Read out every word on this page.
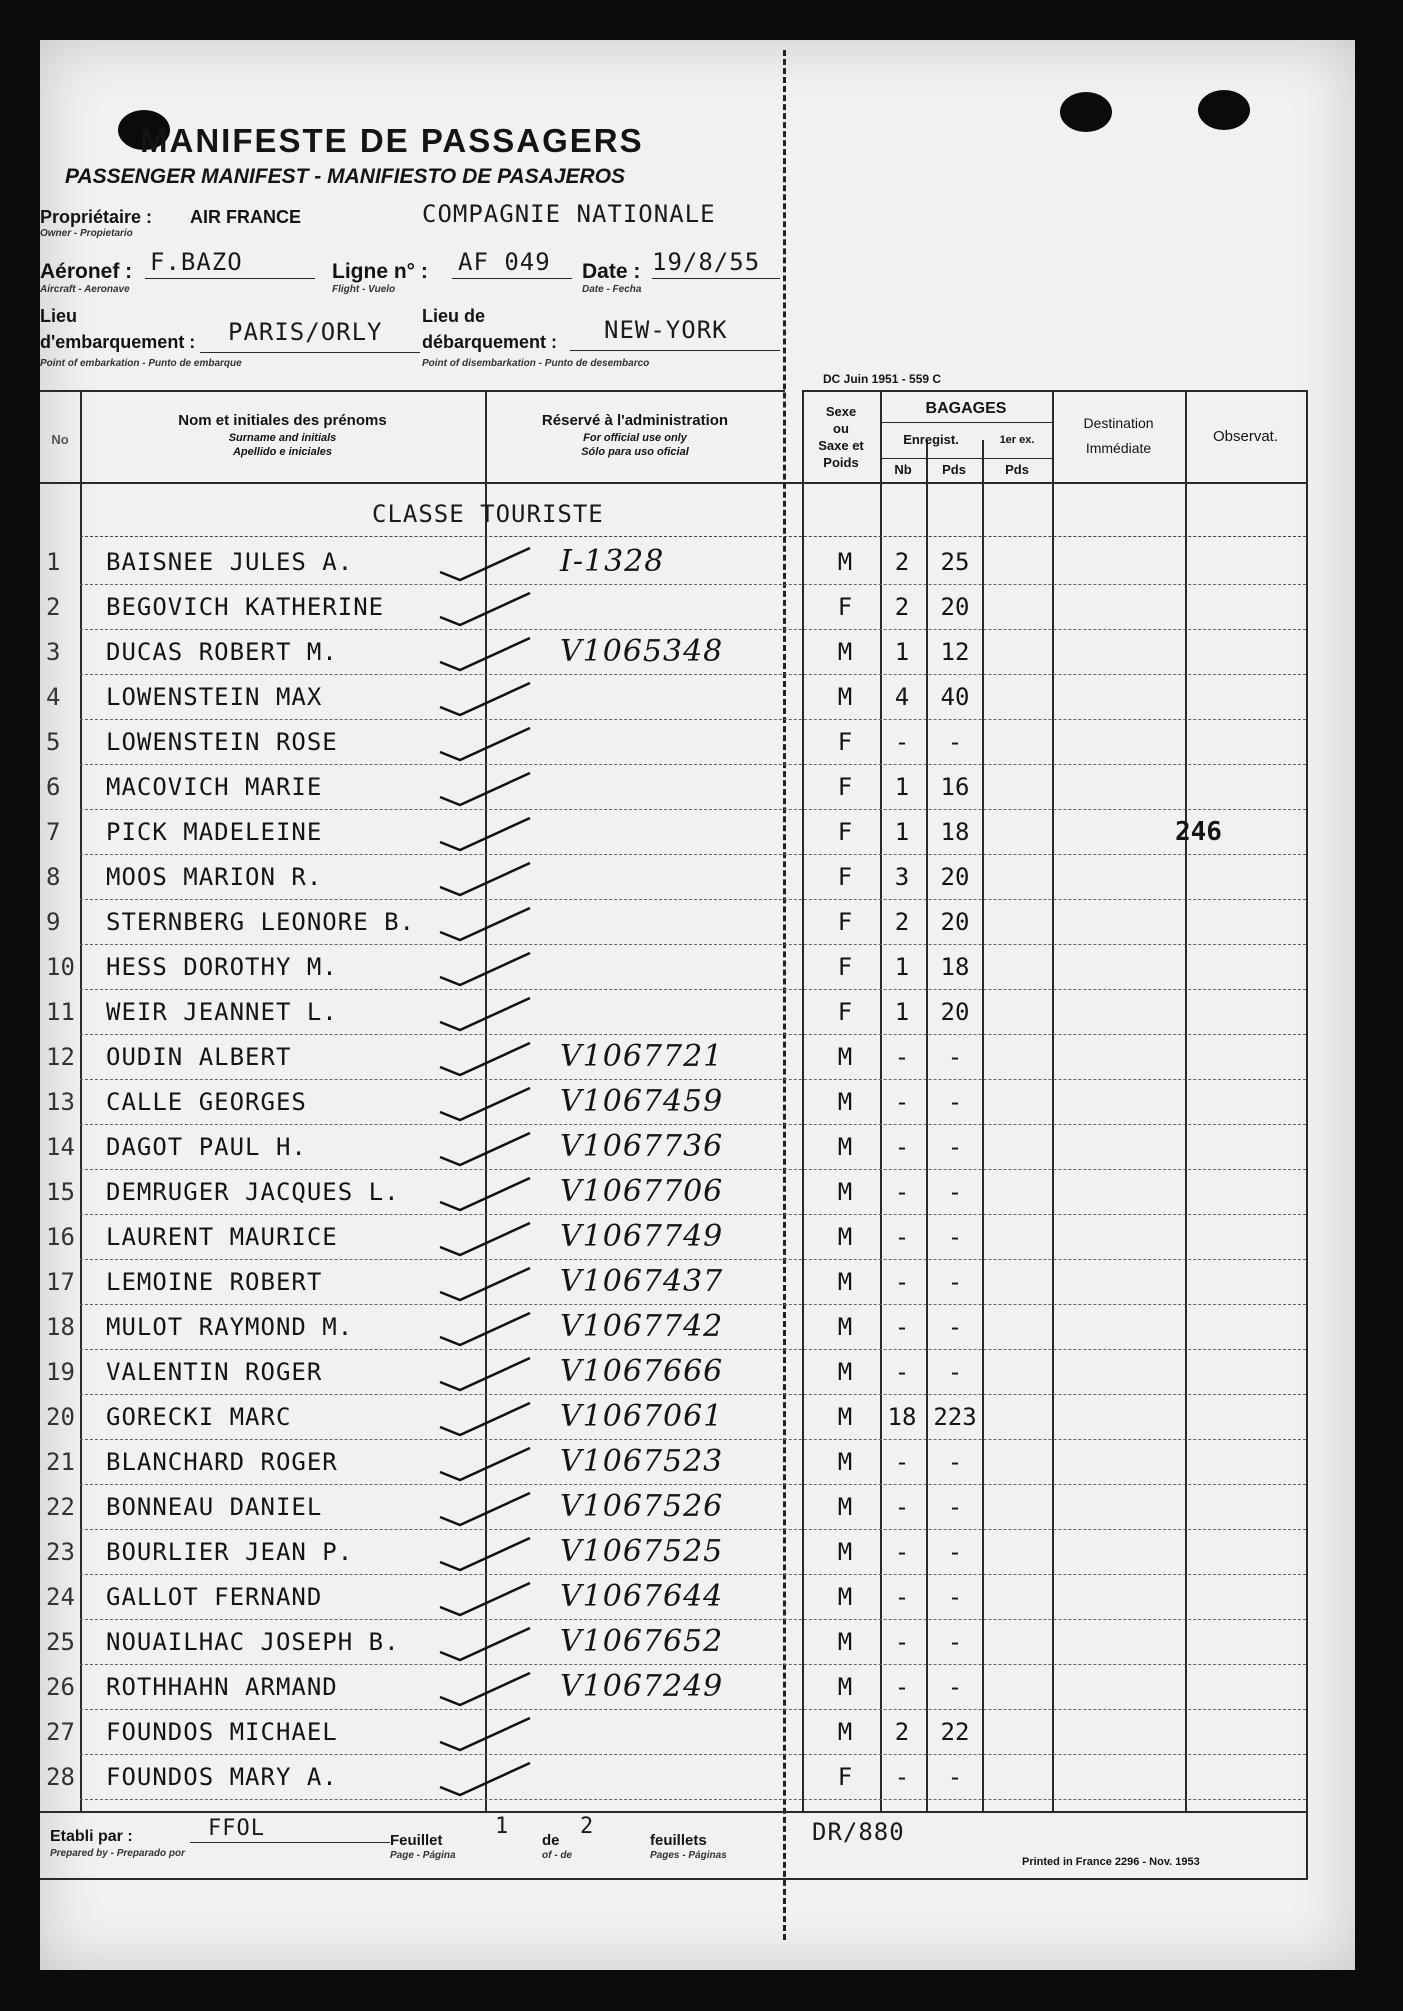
MANIFESTE DE PASSAGERS
PASSENGER MANIFEST - MANIFIESTO DE PASAJEROS
Propriétaire :
Owner - Propietario
AIR FRANCE	COMPAGNIE NATIONALE
Aéronef :
Aircraft - Aeronave
F.BAZO	Ligne n° :
Flight - Vuelo
AF 049 Date :
Date - Fecha
19/8/55
Lieu
d'embarquement :
Point of embarkation - Punto de embarque
PARIS/ORLY
Lieu de
débarquement :
Point of disembarkation - Punto de desembarco
NEW-YORK
DC Juin 1951 - 559 C
No
Nom et initiales des prénoms
Surname and initials
Apellido e iniciales
Réservé à l'administration
For official use only
Sólo para uso oficial
Sexe
ou
Saxe et
Poids
BAGAGES
Enregist.	1er ex.
Nb	Pds	Pds
Destination
Immédiate
Observat.
CLASSE TOURISTE
1 BAISNEE JULES A.	I-1328	M	2	25
2 BEGOVICH KATHERINE	F	2	20
3 DUCAS ROBERT M.	V1065348	M	1	12
4 LOWENSTEIN MAX	M	4	40
5 LOWENSTEIN ROSE	F	-	-
6 MACOVICH MARIE	F	1	16
7 PICK MADELEINE	F	1	18	246
8 MOOS MARION R.	F	3	20
9 STERNBERG LEONORE B.	F	2	20
10 HESS DOROTHY M.	F	1	18
11 WEIR JEANNET L.	F	1	20
12 OUDIN ALBERT	V1067721	M	-	-
13 CALLE GEORGES	V1067459	M	-	-
14 DAGOT PAUL H.	V1067736	M	-	-
15 DEMRUGER JACQUES L.	V1067706	M	-	-
16 LAURENT MAURICE	V1067749	M	-	-
17 LEMOINE ROBERT	V1067437	M	-	-
18 MULOT RAYMOND M.	V1067742	M	-	-
19 VALENTIN ROGER	V1067666	M	-	-
20 GORECKI MARC	V1067061	M	18 223
21 BLANCHARD ROGER	V1067523	M	-	-
22 BONNEAU DANIEL	V1067526	M	-	-
23 BOURLIER JEAN P.	V1067525	M	-	-
24 GALLOT FERNAND	V1067644	M	-	-
25 NOUAILHAC JOSEPH B.	V1067652	M	-	-
26 ROTHHAHN ARMAND	V1067249	M	-	-
27 FOUNDOS MICHAEL	M	2	22
28 FOUNDOS MARY A.	F	-	-
Etabli par :
Prepared by - Preparado por
FFOL	Feuillet
Page - Página
1
de
of - de
2
feuillets
Pages - Páginas
DR/880
Printed in France 2296 - Nov. 1953
